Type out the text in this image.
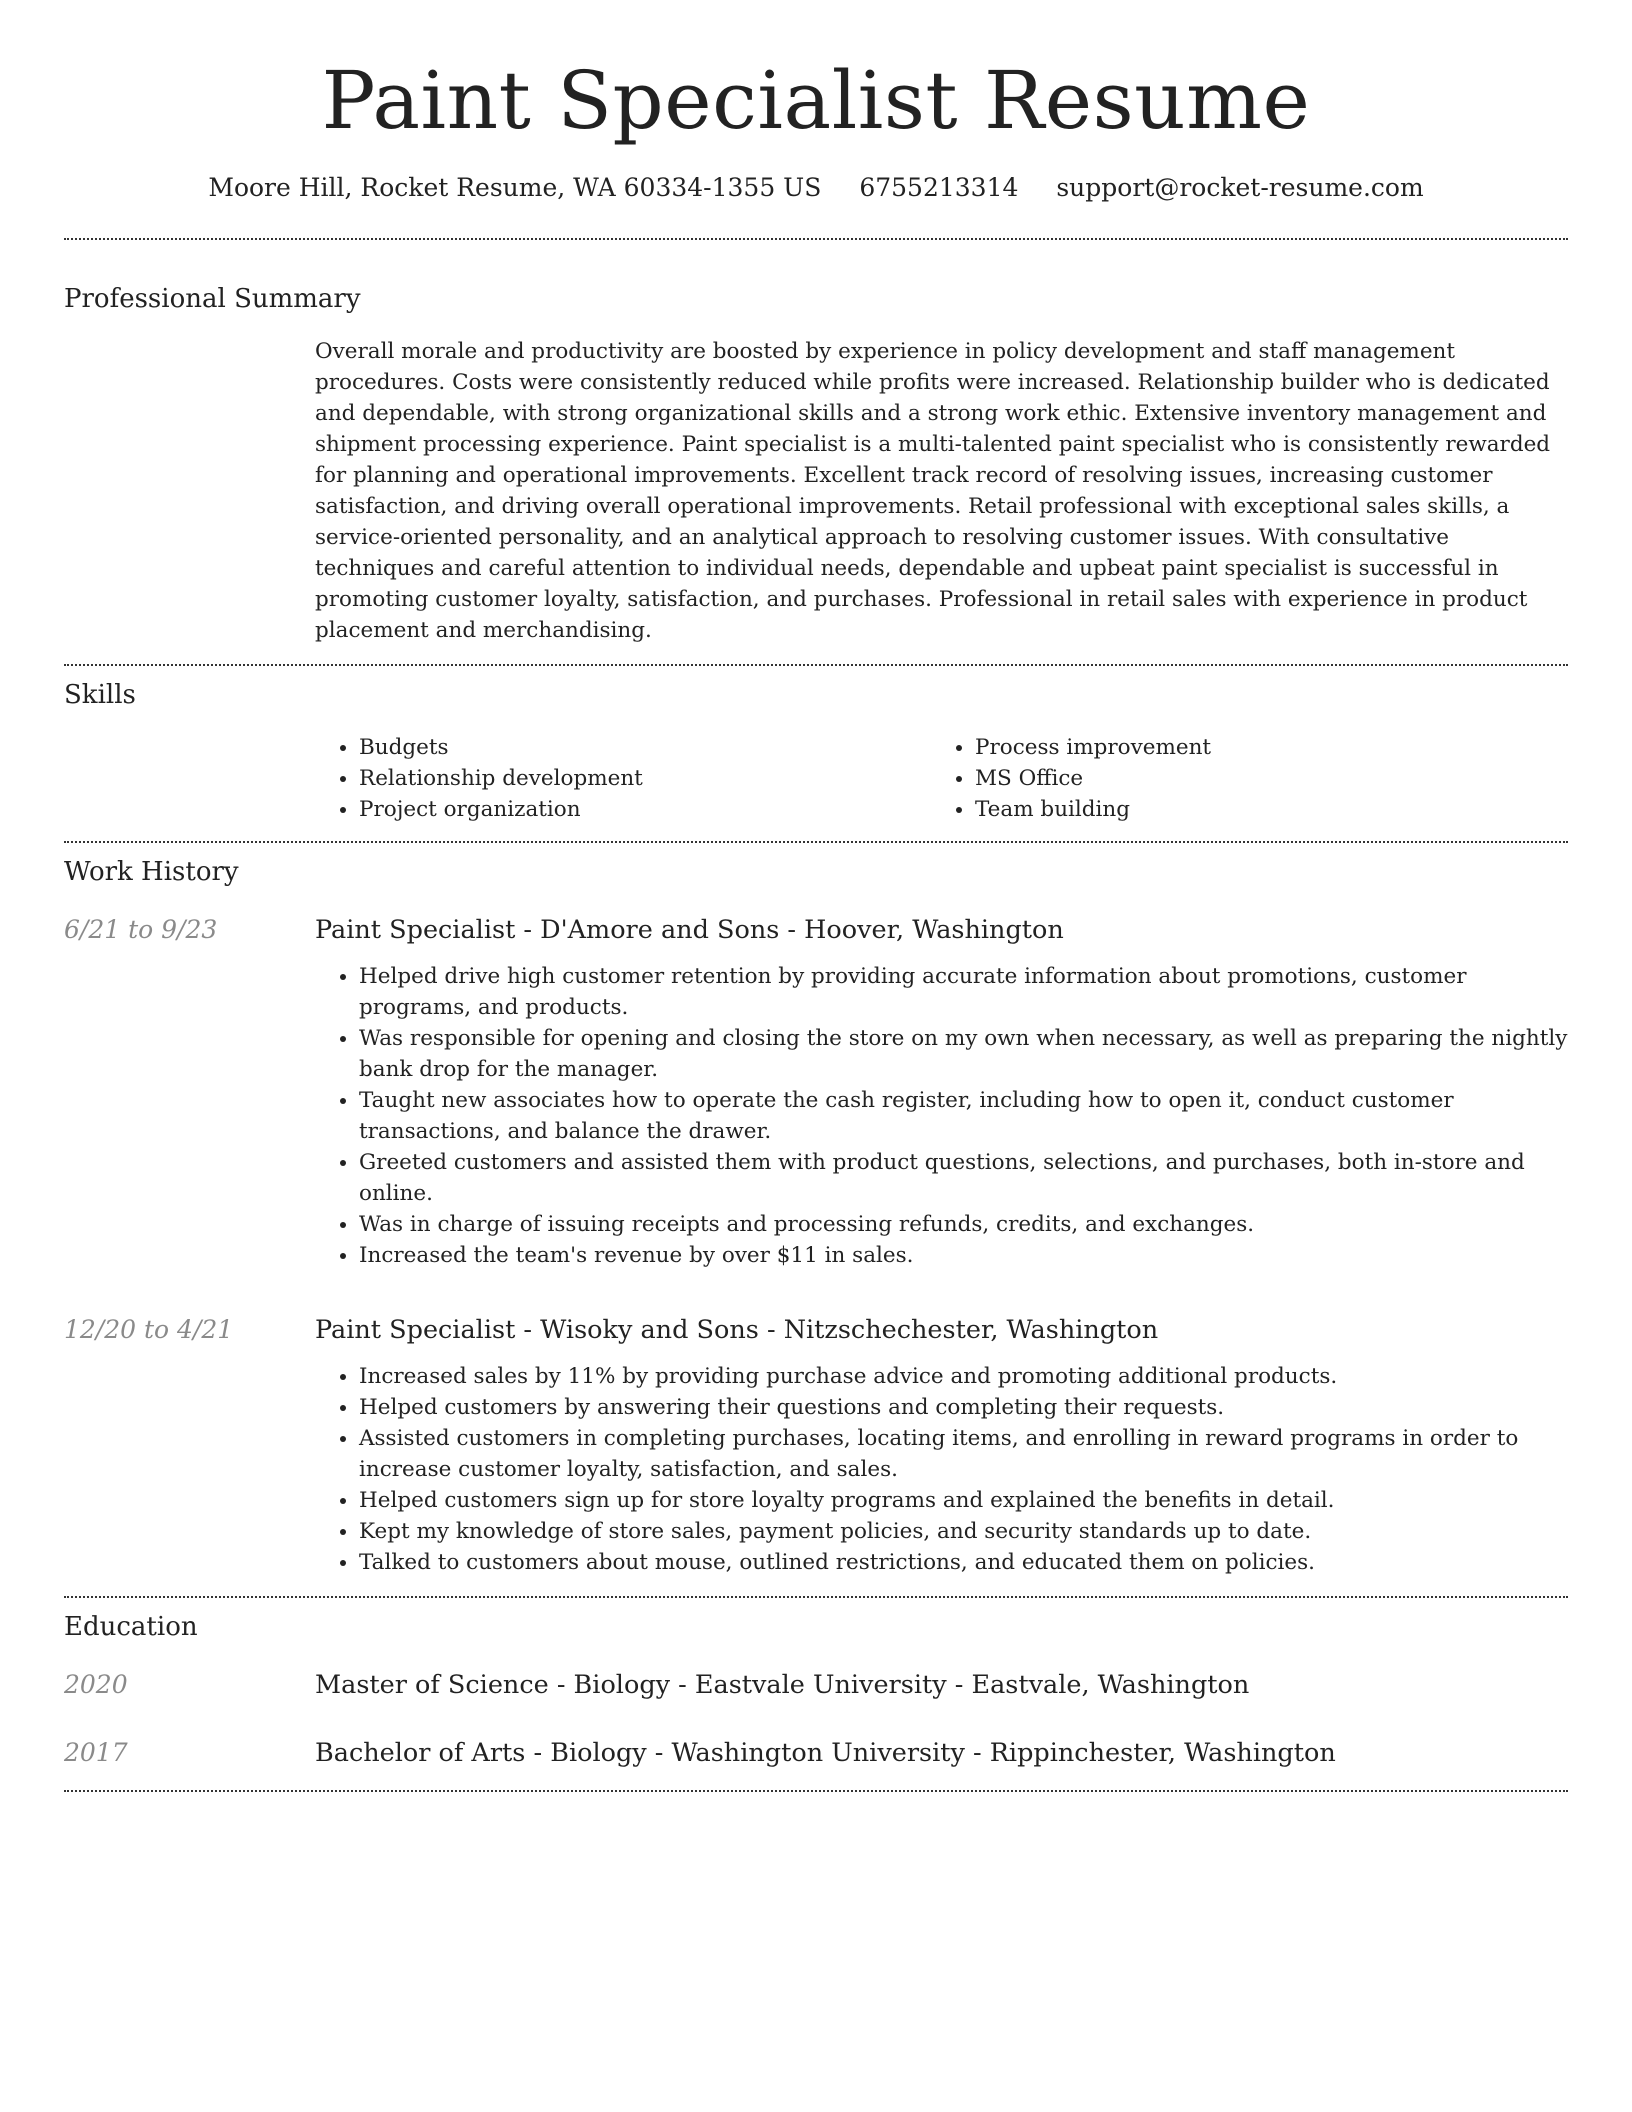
Paint Specialist Resume
Moore Hill, Rocket Resume, WA 60334-1355 US 6755213314 support@rocket-resume.com
Professional Summary

Overall morale and productivity are boosted by experience in policy development and staff management procedures. Costs were consistently reduced while profits were increased. Relationship builder who is dedicated and dependable, with strong organizational skills and a strong work ethic. Extensive inventory management and shipment processing experience. Paint specialist is a multi-talented paint specialist who is consistently rewarded for planning and operational improvements. Excellent track record of resolving issues, increasing customer satisfaction, and driving overall operational improvements. Retail professional with exceptional sales skills, a service-oriented personality, and an analytical approach to resolving customer issues. With consultative techniques and careful attention to individual needs, dependable and upbeat paint specialist is successful in promoting customer loyalty, satisfaction, and purchases. Professional in retail sales with experience in product placement and merchandising.

Skills
• Budgets
• Relationship development
• Project organization
• Process improvement
• MS Office
• Team building
Work History
6/21 to 9/23	Paint Specialist - D'Amore and Sons - Hoover, Washington
• Helped drive high customer retention by providing accurate information about promotions, customer programs, and products.
• Was responsible for opening and closing the store on my own when necessary, as well as preparing the nightly bank drop for the manager.
• Taught new associates how to operate the cash register, including how to open it, conduct customer transactions, and balance the drawer.
• Greeted customers and assisted them with product questions, selections, and purchases, both in-store and online.
• Was in charge of issuing receipts and processing refunds, credits, and exchanges.
• Increased the team's revenue by over $11 in sales.
12/20 to 4/21	Paint Specialist - Wisoky and Sons - Nitzschechester, Washington
• Increased sales by 11% by providing purchase advice and promoting additional products.
• Helped customers by answering their questions and completing their requests.
• Assisted customers in completing purchases, locating items, and enrolling in reward programs in order to increase customer loyalty, satisfaction, and sales.
• Helped customers sign up for store loyalty programs and explained the benefits in detail.
• Kept my knowledge of store sales, payment policies, and security standards up to date.
• Talked to customers about mouse, outlined restrictions, and educated them on policies.
Education
2020	Master of Science - Biology - Eastvale University - Eastvale, Washington
2017	Bachelor of Arts - Biology - Washington University - Rippinchester, Washington
